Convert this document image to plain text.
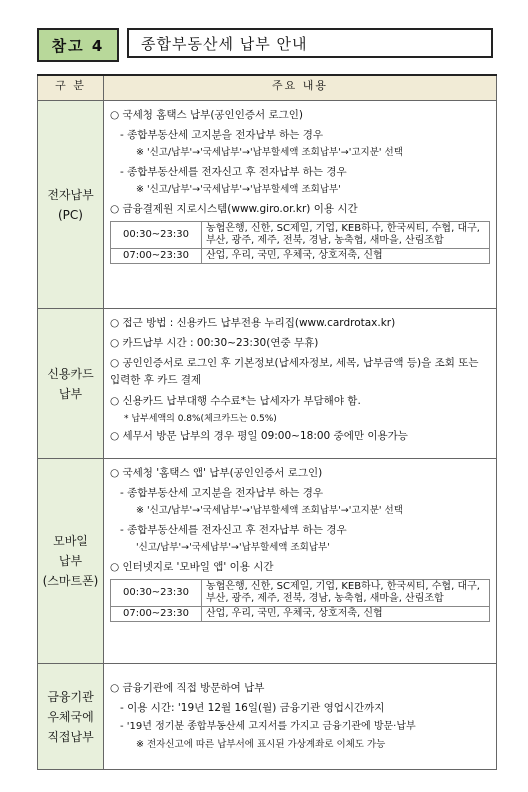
참고 4	종합부동산세 납부 안내
구 분	주요 내용

전자납부
(PC)

○ 국세청 홈택스 납부(공인인증서 로그인)
- 종합부동산세 고지분을 전자납부 하는 경우
※ '신고/납부'→'국세납부'→'납부할세액 조회납부'→'고지분' 선택
- 종합부동산세를 전자신고 후 전자납부 하는 경우
※ '신고/납부'→'국세납부'→'납부할세액 조회납부'
○ 금융결제원 지로시스템(www.giro.or.kr) 이용 시간
00:30~23:30	농협은행, 신한, SC제일, 기업, KEB하나, 한국씨티, 수협, 대구, 부산, 광주, 제주, 전북, 경남, 농축협, 새마을, 산림조합
07:00~23:30	산업, 우리, 국민, 우체국, 상호저축, 신협

신용카드
납부

○ 접근 방법 : 신용카드 납부전용 누리집(www.cardrotax.kr)
○ 카드납부 시간 : 00:30~23:30(연중 무휴)
○ 공인인증서로 로그인 후 기본정보(납세자정보, 세목, 납부금액 등)을 조회 또는 입력한 후 카드 결제
○ 신용카드 납부대행 수수료*는 납세자가 부담해야 함.
* 납부세액의 0.8%(체크카드는 0.5%)
○ 세무서 방문 납부의 경우 평일 09:00~18:00 중에만 이용가능

모바일
납부
(스마트폰)

○ 국세청 '홈택스 앱' 납부(공인인증서 로그인)
- 종합부동산세 고지분을 전자납부 하는 경우
※ '신고/납부'→'국세납부'→'납부할세액 조회납부'→'고지분' 선택
- 종합부동산세를 전자신고 후 전자납부 하는 경우
'신고/납부'→'국세납부'→'납부할세액 조회납부'
○ 인터넷지로 '모바일 앱' 이용 시간
00:30~23:30	농협은행, 신한, SC제일, 기업, KEB하나, 한국씨티, 수협, 대구, 부산, 광주, 제주, 전북, 경남, 농축협, 새마을, 산림조합
07:00~23:30	산업, 우리, 국민, 우체국, 상호저축, 신협

금융기관
우체국에
직접납부

○ 금융기관에 직접 방문하여 납부
- 이용 시간: '19년 12월 16일(월) 금융기관 영업시간까지
- '19년 정기분 종합부동산세 고지서를 가지고 금융기관에 방문·납부
※ 전자신고에 따른 납부서에 표시된 가상계좌로 이체도 가능
